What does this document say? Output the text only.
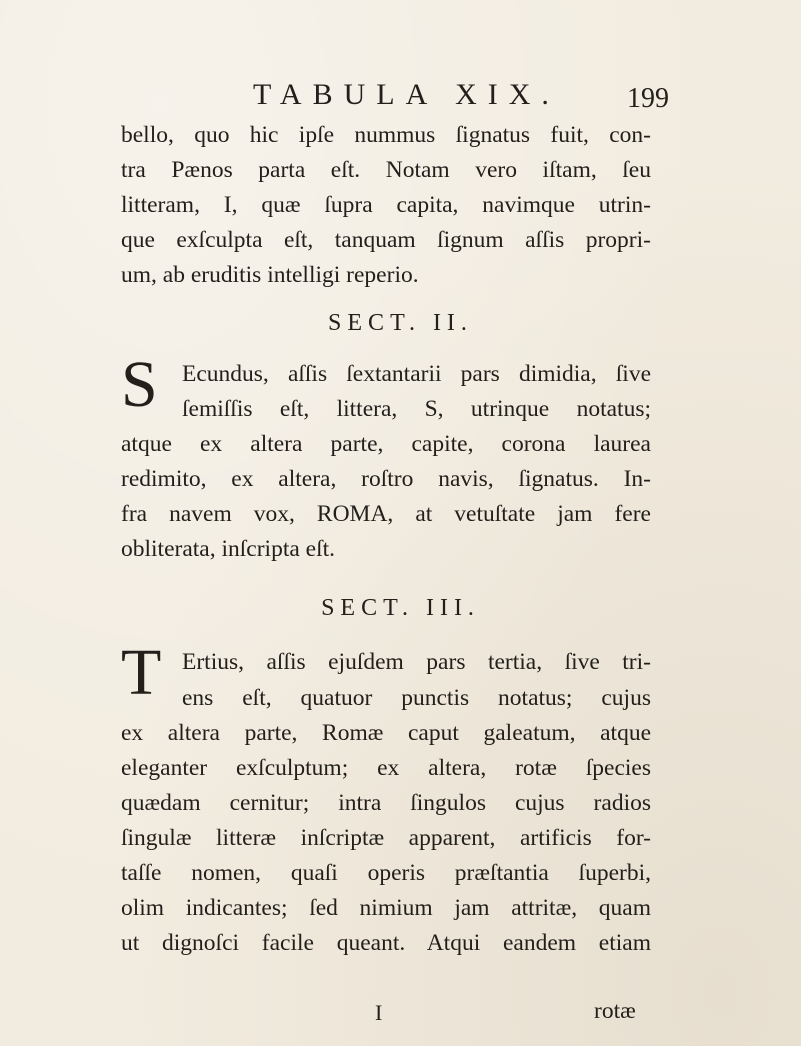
TABULA XIX. 199
bello, quo hic ipſe nummus ſignatus fuit, con-
tra Pænos parta eſt. Notam vero iſtam, ſeu
litteram, I, quæ ſupra capita, navimque utrin-
que exſculpta eſt, tanquam ſignum aſſis propri-
um, ab eruditis intelligi reperio.
SECT. II.
S	Ecundus, aſſis ſextantarii pars dimidia, ſive
ſemiſſis eſt, littera, S, utrinque notatus;
atque ex altera parte, capite, corona laurea
redimito, ex altera, roſtro navis, ſignatus. In-
fra navem vox, ROMA, at vetuſtate jam fere
obliterata, inſcripta eſt.
SECT. III.
T Ertius, aſſis ejuſdem pars tertia, ſive tri-
ens eſt, quatuor punctis notatus; cujus
ex altera parte, Romæ caput galeatum, atque
eleganter exſculptum; ex altera, rotæ ſpecies
quædam cernitur; intra ſingulos cujus radios
ſingulæ litteræ inſcriptæ apparent, artificis for-
taſſe nomen, quaſi operis præſtantia ſuperbi,
olim indicantes; ſed nimium jam attritæ, quam
ut dignoſci facile queant. Atqui eandem etiam
I	rotæ
